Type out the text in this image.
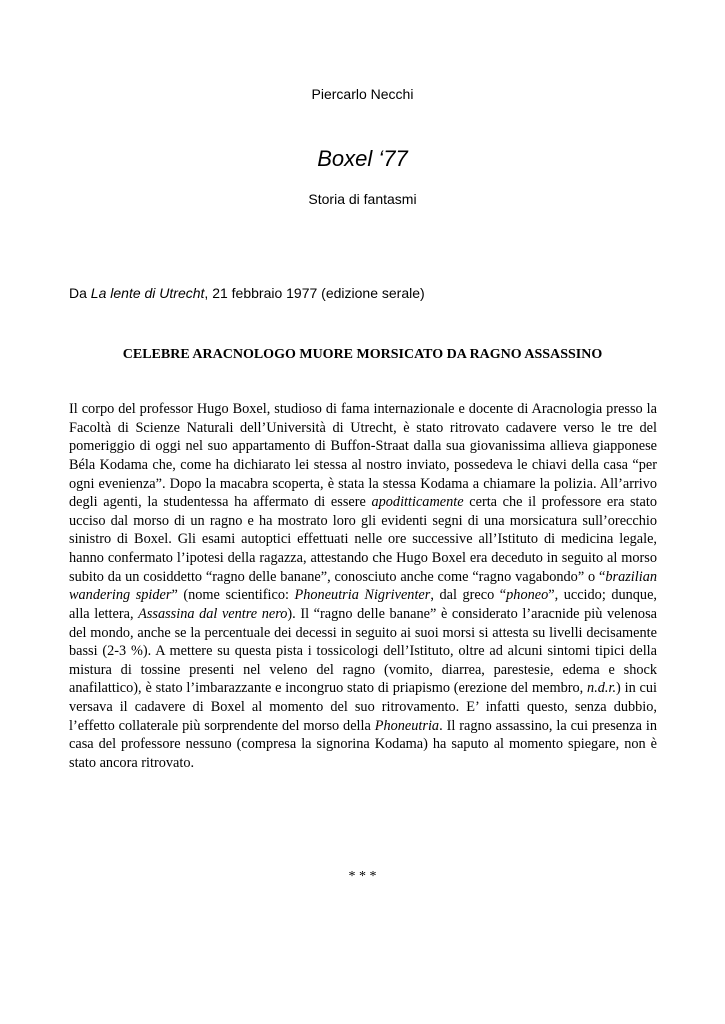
Piercarlo Necchi
Boxel ‘77
Storia di fantasmi
Da La lente di Utrecht, 21 febbraio 1977 (edizione serale)
CELEBRE ARACNOLOGO MUORE MORSICATO DA RAGNO ASSASSINO

Il corpo del professor Hugo Boxel, studioso di fama internazionale e docente di Aracnologia presso la Facoltà di Scienze Naturali dell’Università di Utrecht, è stato ritrovato cadavere verso le tre del pomeriggio di oggi nel suo appartamento di Buffon-Straat dalla sua giovanissima allieva giapponese Béla Kodama che, come ha dichiarato lei stessa al nostro inviato, possedeva le chiavi della casa “per ogni evenienza”. Dopo la macabra scoperta, è stata la stessa Kodama a chiamare la polizia. All’arrivo degli agenti, la studentessa ha affermato di essere apoditticamente certa che il professore era stato ucciso dal morso di un ragno e ha mostrato loro gli evidenti segni di una morsicatura sull’orecchio sinistro di Boxel. Gli esami autoptici effettuati nelle ore successive all’Istituto di medicina legale, hanno confermato l’ipotesi della ragazza, attestando che Hugo Boxel era deceduto in seguito al morso subito da un cosiddetto “ragno delle banane”, conosciuto anche come “ragno vagabondo” o “brazilian wandering spider” (nome scientifico: Phoneutria Nigriventer, dal greco “phoneo”, uccido; dunque, alla lettera, Assassina dal ventre nero). Il “ragno delle banane” è considerato l’aracnide più velenosa del mondo, anche se la percentuale dei decessi in seguito ai suoi morsi si attesta su livelli decisamente bassi (2-3 %). A mettere su questa pista i tossicologi dell’Istituto, oltre ad alcuni sintomi tipici della mistura di tossine presenti nel veleno del ragno (vomito, diarrea, parestesie, edema e shock anafilattico), è stato l’imbarazzante e incongruo stato di priapismo (erezione del membro, n.d.r.) in cui versava il cadavere di Boxel al momento del suo ritrovamento. E’ infatti questo, senza dubbio, l’effetto collaterale più sorprendente del morso della Phoneutria. Il ragno assassino, la cui presenza in casa del professore nessuno (compresa la signorina Kodama) ha saputo al momento spiegare, non è stato ancora ritrovato.

* * *
